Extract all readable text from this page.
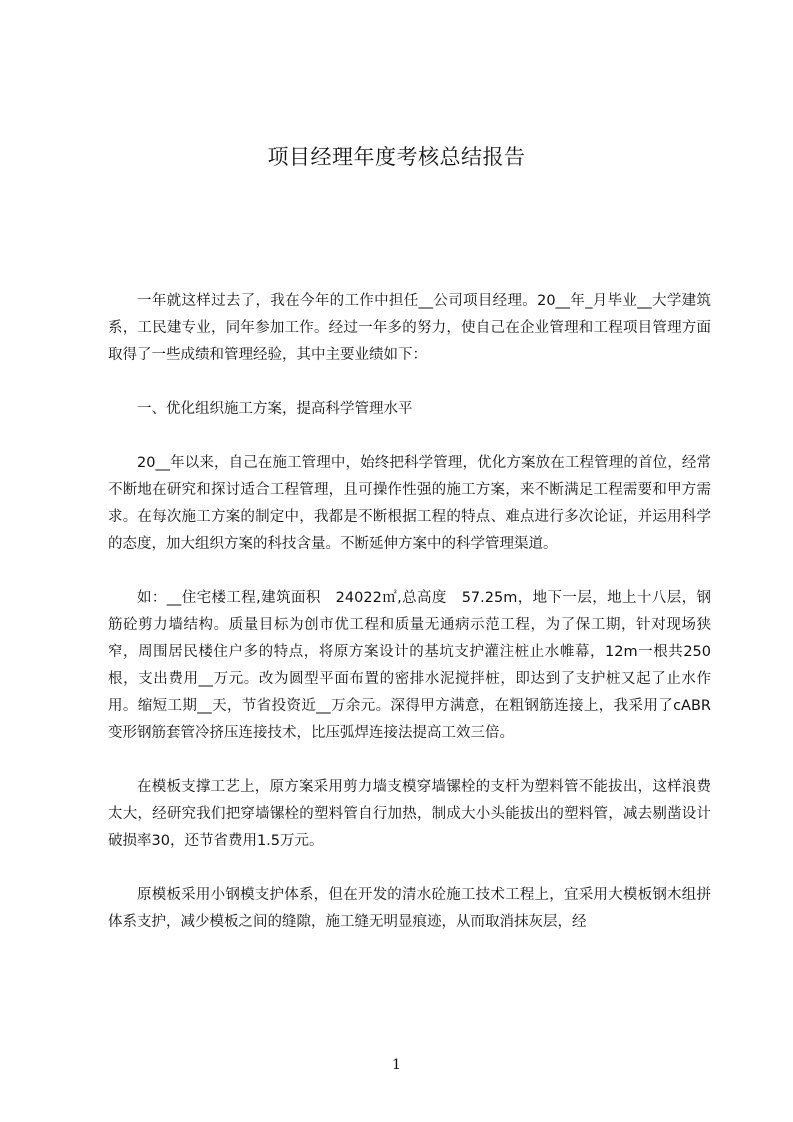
项目经理年度考核总结报告

一年就这样过去了，我在今年的工作中担任__公司项目经理。20__年_月毕业__大学建筑系，工民建专业，同年参加工作。经过一年多的努力，使自己在企业管理和工程项目管理方面取得了一些成绩和管理经验，其中主要业绩如下：

一、优化组织施工方案，提高科学管理水平

20__年以来，自己在施工管理中，始终把科学管理，优化方案放在工程管理的首位，经常不断地在研究和探讨适合工程管理，且可操作性强的施工方案，来不断满足工程需要和甲方需求。在每次施工方案的制定中，我都是不断根据工程的特点、难点进行多次论证，并运用科学的态度，加大组织方案的科技含量。不断延伸方案中的科学管理渠道。

如：__住宅楼工程,建筑面积　24022㎡,总高度　57.25m，地下一层，地上十八层，钢筋砼剪力墙结构。质量目标为创市优工程和质量无通病示范工程，为了保工期，针对现场狭窄，周围居民楼住户多的特点，将原方案设计的基坑支护灌注桩止水帷幕，12m一根共250根，支出费用__万元。改为圆型平面布置的密排水泥搅拌桩，即达到了支护桩又起了止水作用。缩短工期__天，节省投资近__万余元。深得甲方满意，在粗钢筋连接上，我采用了cABR变形钢筋套管冷挤压连接技术，比压弧焊连接法提高工效三倍。

在模板支撑工艺上，原方案采用剪力墙支模穿墙镙栓的支杆为塑料管不能拔出，这样浪费太大，经研究我们把穿墙镙栓的塑料管自行加热，制成大小头能拔出的塑料管，减去剔凿设计破损率30，还节省费用1.5万元。

原模板采用小钢模支护体系，但在开发的清水砼施工技术工程上，宜采用大模板钢木组拼体系支护，减少模板之间的缝隙，施工缝无明显痕迹，从而取消抹灰层，经

1
